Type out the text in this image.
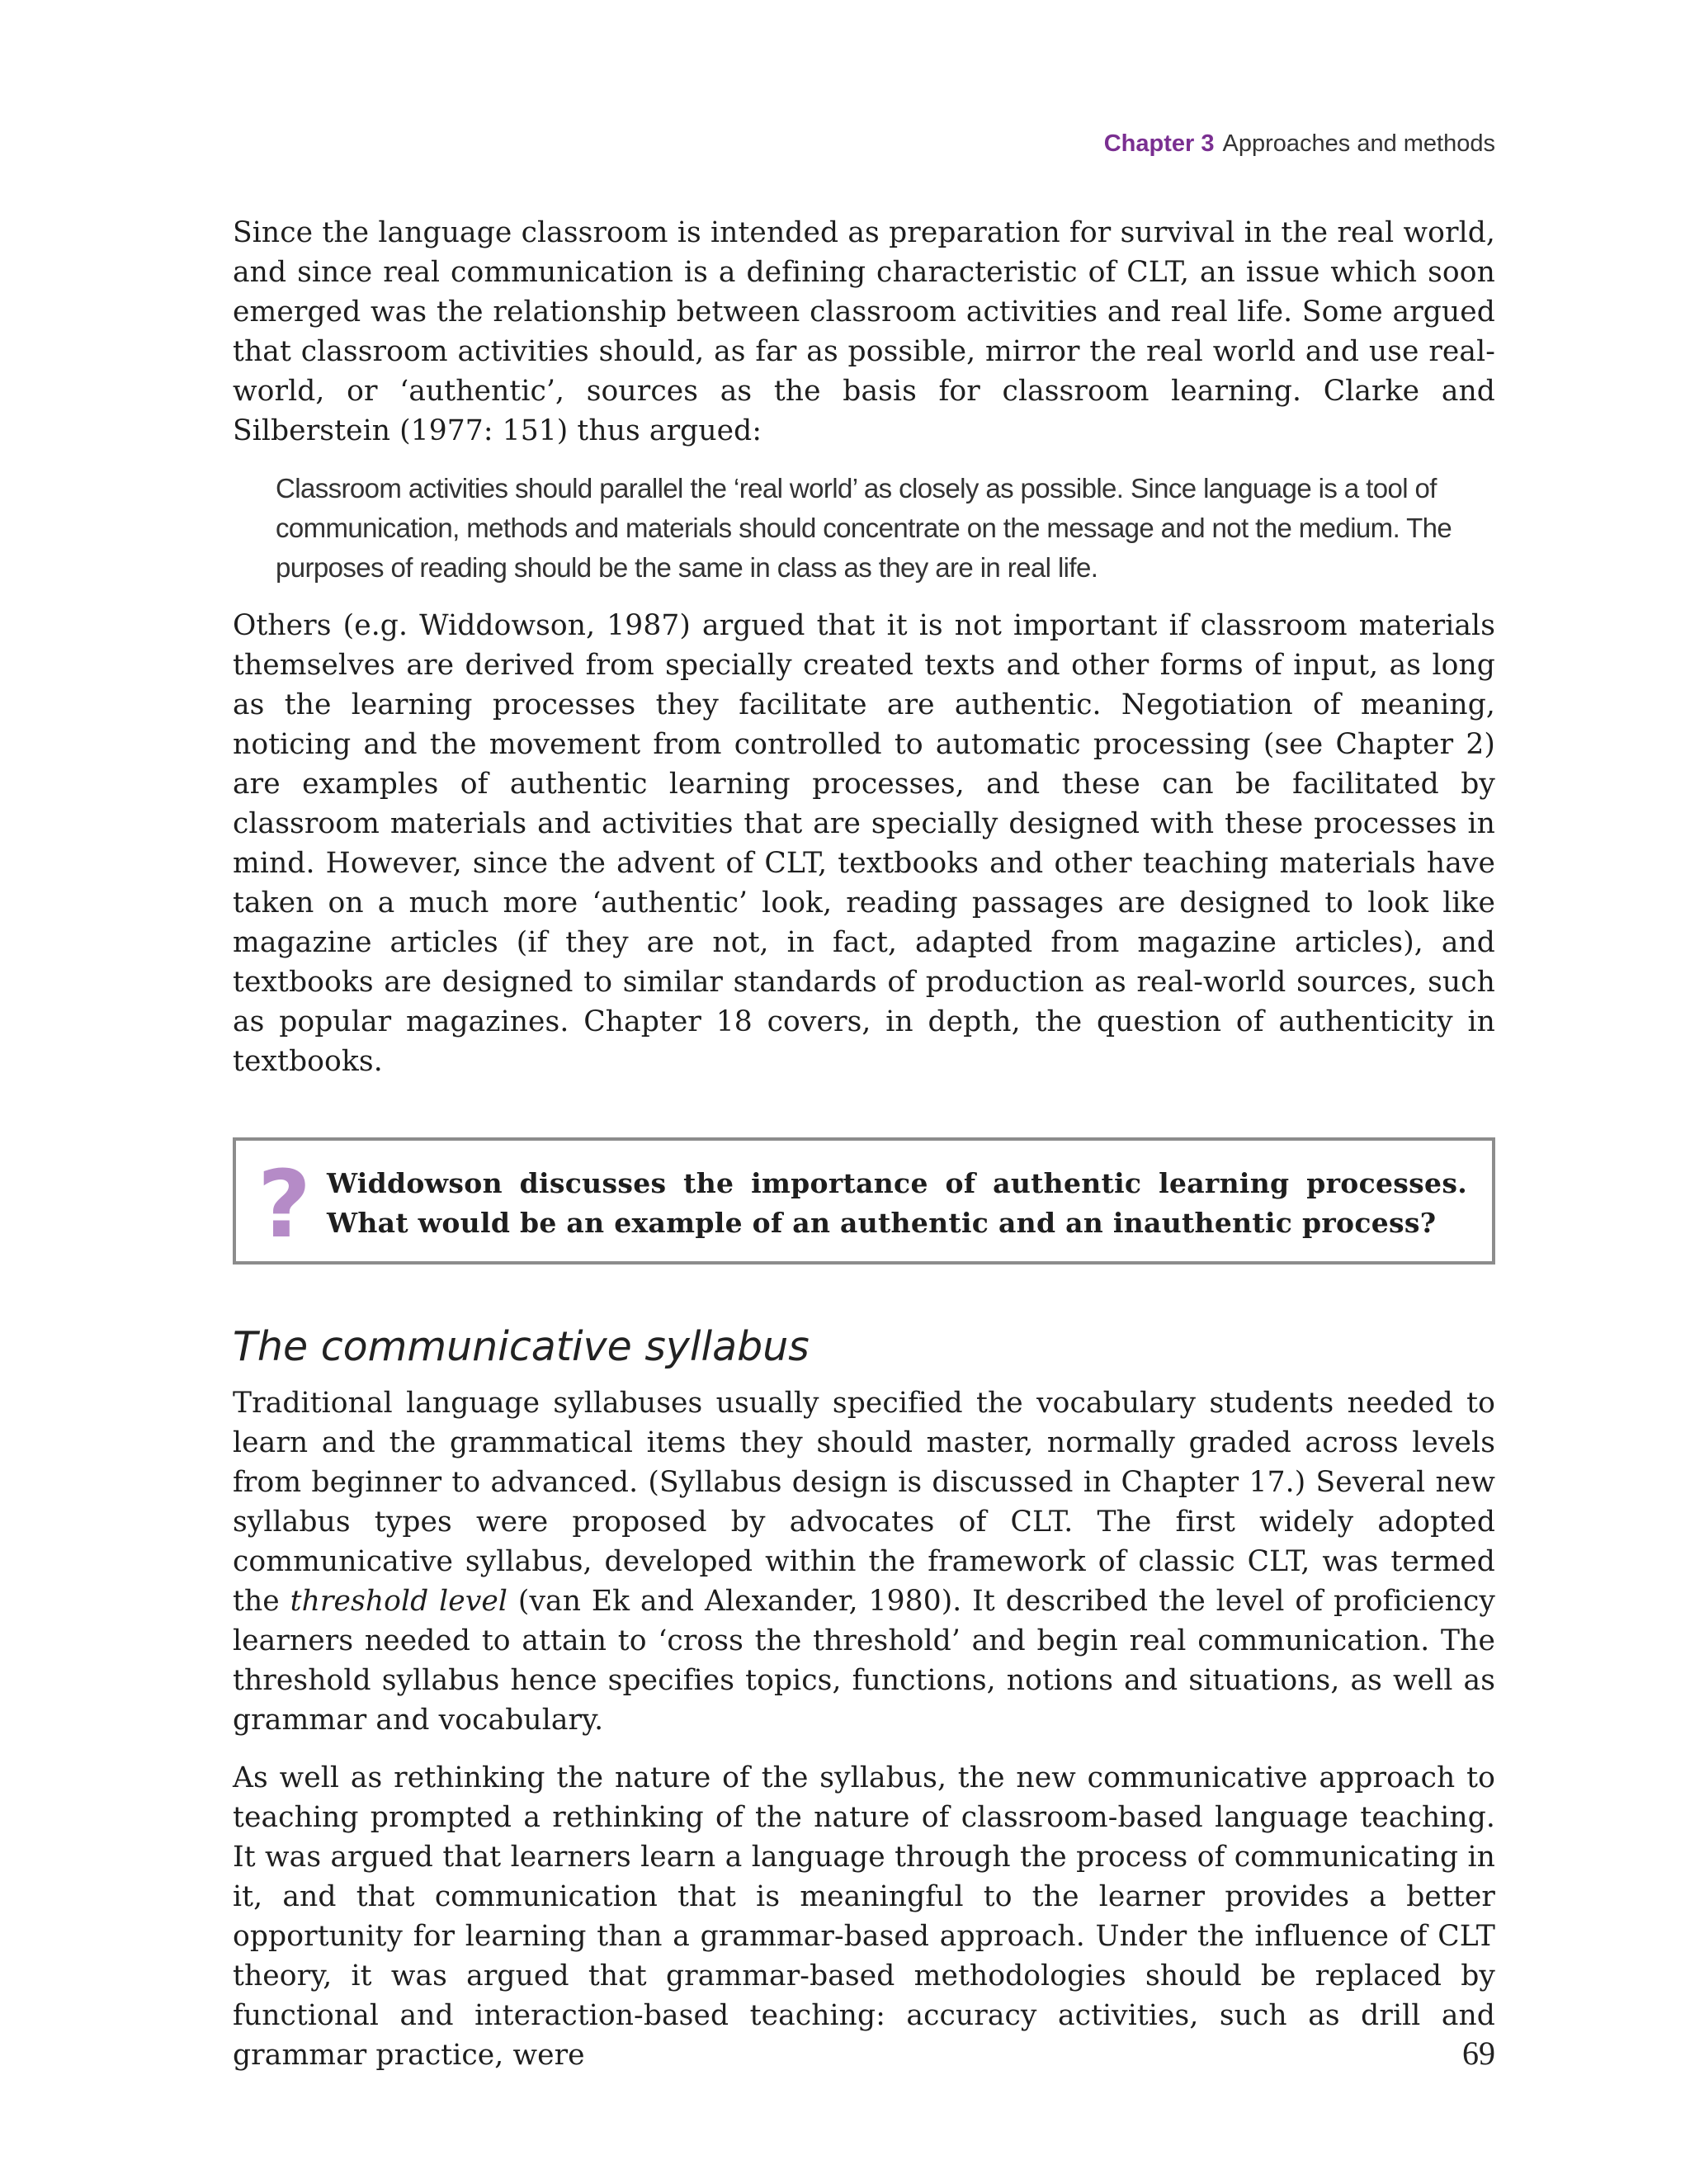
Chapter 3 Approaches and methods

Since the language classroom is intended as preparation for survival in the real world, and since real communication is a defining characteristic of CLT, an issue which soon emerged was the relationship between classroom activities and real life. Some argued that classroom activities should, as far as possible, mirror the real world and use real-world, or ‘authentic’, sources as the basis for classroom learning. Clarke and Silberstein (1977: 151) thus argued:

Classroom activities should parallel the ‘real world’ as closely as possible. Since language is a tool of communication, methods and materials should concentrate on the message and not the medium. The purposes of reading should be the same in class as they are in real life.

Others (e.g. Widdowson, 1987) argued that it is not important if classroom materials themselves are derived from specially created texts and other forms of input, as long as the learning processes they facilitate are authentic. Negotiation of meaning, noticing and the movement from controlled to automatic processing (see Chapter 2) are examples of authentic learning processes, and these can be facilitated by classroom materials and activities that are specially designed with these processes in mind. However, since the advent of CLT, textbooks and other teaching materials have taken on a much more ‘authentic’ look, reading passages are designed to look like magazine articles (if they are not, in fact, adapted from magazine articles), and textbooks are designed to similar standards of production as real-world sources, such as popular magazines. Chapter 18 covers, in depth, the question of authenticity in textbooks.

? Widdowson discusses the importance of authentic learning processes. What would be an example of an authentic and an inauthentic process?
The communicative syllabus

Traditional language syllabuses usually specified the vocabulary students needed to learn and the grammatical items they should master, normally graded across levels from beginner to advanced. (Syllabus design is discussed in Chapter 17.) Several new syllabus types were proposed by advocates of CLT. The first widely adopted communicative syllabus, developed within the framework of classic CLT, was termed the threshold level (van Ek and Alexander, 1980). It described the level of proficiency learners needed to attain to ‘cross the threshold’ and begin real communication. The threshold syllabus hence specifies topics, functions, notions and situations, as well as grammar and vocabulary.

As well as rethinking the nature of the syllabus, the new communicative approach to teaching prompted a rethinking of the nature of classroom-based language teaching. It was argued that learners learn a language through the process of communicating in it, and that communication that is meaningful to the learner provides a better opportunity for learning than a grammar-based approach. Under the influence of CLT theory, it was argued that grammar-based methodologies should be replaced by functional and interaction-based teaching: accuracy activities, such as drill and grammar practice, were	69
